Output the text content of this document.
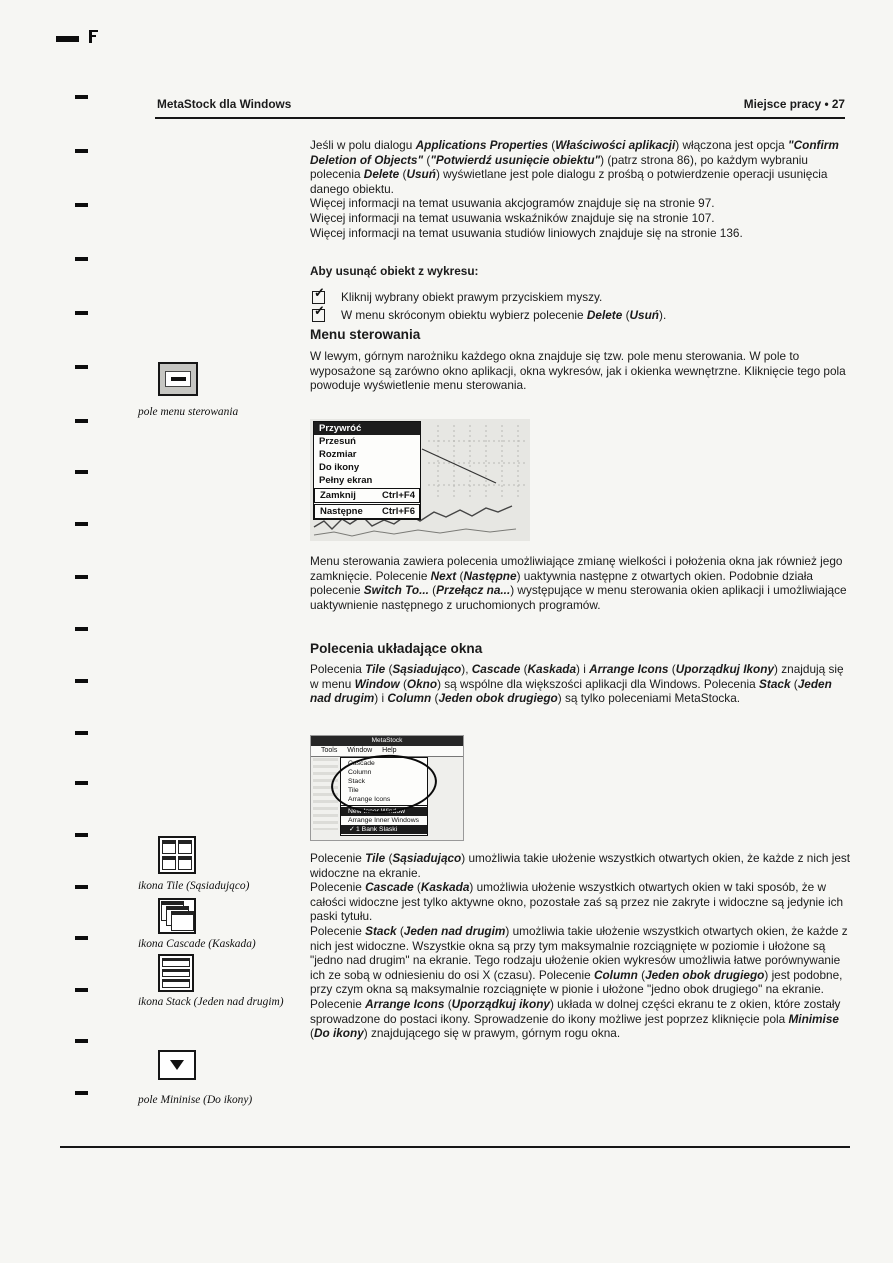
MetaStock dla Windows	Miejsce pracy • 27

Jeśli w polu dialogu Applications Properties (Właściwości aplikacji) włączona jest opcja "Confirm Deletion of Objects" ("Potwierdź usunięcie obiektu") (patrz strona 86), po każdym wybraniu polecenia Delete (Usuń) wyświetlane jest pole dialogu z prośbą o potwierdzenie operacji usunięcia danego obiektu.

Więcej informacji na temat usuwania akcjogramów znajduje się na stronie 97.

Więcej informacji na temat usuwania wskaźników znajduje się na stronie 107.

Więcej informacji na temat usuwania studiów liniowych znajduje się na stronie 136.

Aby usunąć obiekt z wykresu:
✓ Kliknij wybrany obiekt prawym przyciskiem myszy.
✓ W menu skróconym obiektu wybierz polecenie Delete (Usuń).
Menu sterowania
W lewym, górnym narożniku każdego okna znajduje się tzw. pole menu sterowania. W pole to wyposażone są zarówno okno aplikacji, okna wykresów, jak i okienka wewnętrzne. Kliknięcie tego pola powoduje wyświetlenie menu sterowania.
pole menu sterowania
Przywróć
Przesuń
Rozmiar
Do ikony
Pełny ekran
Zamknij	Ctrl+F4
Następne Ctrl+F6
Menu sterowania zawiera polecenia umożliwiające zmianę wielkości i położenia okna jak również jego zamknięcie. Polecenie Next (Następne) uaktywnia następne z otwartych okien. Podobnie działa polecenie Switch To... (Przełącz na...) występujące w menu sterowania okien aplikacji i umożliwiające uaktywnienie następnego z uruchomionych programów.
Polecenia układające okna
Polecenia Tile (Sąsiadująco), Cascade (Kaskada) i Arrange Icons (Uporządkuj Ikony) znajdują się w menu Window (Okno) są wspólne dla większości aplikacji dla Windows. Polecenia Stack (Jeden nad drugim) i Column (Jeden obok drugiego) są tylko poleceniami MetaStocka.
MetaStock
Tools Window Help
Cascade
Column
Stack
Tile
Arrange Icons
New Inner Window
Arrange Inner Windows
✓ 1 Bank Slaski
ikona Tile (Sąsiadująco)
ikona Cascade (Kaskada)
ikona Stack (Jeden nad drugim)
pole Mininise (Do ikony)

Polecenie Tile (Sąsiadująco) umożliwia takie ułożenie wszystkich otwartych okien, że każde z nich jest widoczne na ekranie.

Polecenie Cascade (Kaskada) umożliwia ułożenie wszystkich otwartych okien w taki sposób, że w całości widoczne jest tylko aktywne okno, pozostałe zaś są przez nie zakryte i widoczne są jedynie ich paski tytułu.

Polecenie Stack (Jeden nad drugim) umożliwia takie ułożenie wszystkich otwartych okien, że każde z nich jest widoczne. Wszystkie okna są przy tym maksymalnie rozciągnięte w poziomie i ułożone są "jedno nad drugim" na ekranie. Tego rodzaju ułożenie okien wykresów umożliwia łatwe porównywanie ich ze sobą w odniesieniu do osi X (czasu). Polecenie Column (Jeden obok drugiego) jest podobne, przy czym okna są maksymalnie rozciągnięte w pionie i ułożone "jedno obok drugiego" na ekranie.

Polecenie Arrange Icons (Uporządkuj ikony) układa w dolnej części ekranu te z okien, które zostały sprowadzone do postaci ikony. Sprowadzenie do ikony możliwe jest poprzez kliknięcie pola Minimise (Do ikony) znajdującego się w prawym, górnym rogu okna.
